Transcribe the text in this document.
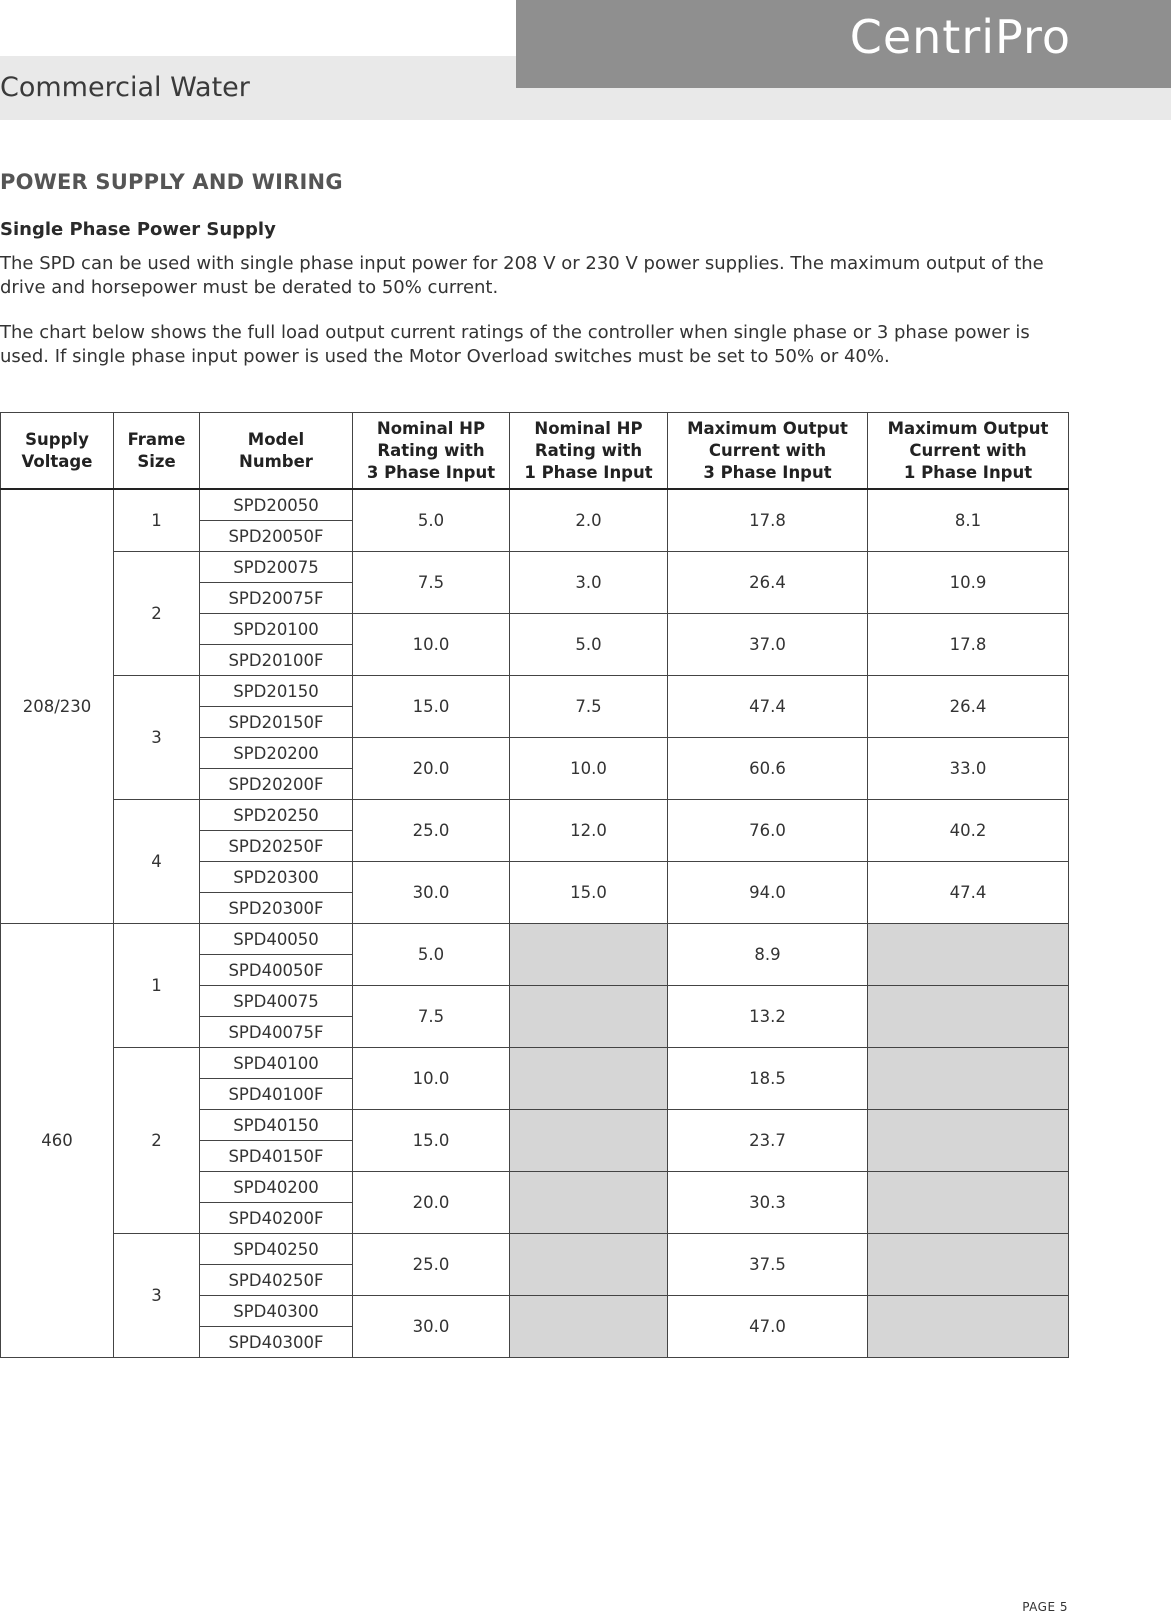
CentriPro
Commercial Water
POWER SUPPLY AND WIRING
Single Phase Power Supply

The SPD can be used with single phase input power for 208 V or 230 V power supplies. The maximum output of the drive and horsepower must be derated to 50% current.

The chart below shows the full load output current ratings of the controller when single phase or 3 phase power is used. If single phase input power is used the Motor Overload switches must be set to 50% or 40%.

Supply
Voltage	Frame
Size	Model
Number	Nominal HP
Rating with
3 Phase Input	Nominal HP
Rating with
1 Phase Input	Maximum Output
Current with
3 Phase Input	Maximum Output
Current with
1 Phase Input
208/230	1	SPD20050	5.0	2.0	17.8	8.1
		SPD20050F				
	2	SPD20075	7.5	3.0	26.4	10.9
		SPD20075F				
		SPD20100	10.0	5.0	37.0	17.8
		SPD20100F				
	3	SPD20150	15.0	7.5	47.4	26.4
		SPD20150F				
		SPD20200	20.0	10.0	60.6	33.0
		SPD20200F				
	4	SPD20250	25.0	12.0	76.0	40.2
		SPD20250F				
		SPD20300	30.0	15.0	94.0	47.4
		SPD20300F				
460	1	SPD40050	5.0		8.9	
		SPD40050F				
		SPD40075	7.5		13.2	
		SPD40075F				
	2	SPD40100	10.0		18.5	
		SPD40100F				
		SPD40150	15.0		23.7	
		SPD40150F				
		SPD40200	20.0		30.3	
		SPD40200F				
	3	SPD40250	25.0		37.5	
		SPD40250F				
		SPD40300	30.0		47.0	
		SPD40300F				
PAGE 5
